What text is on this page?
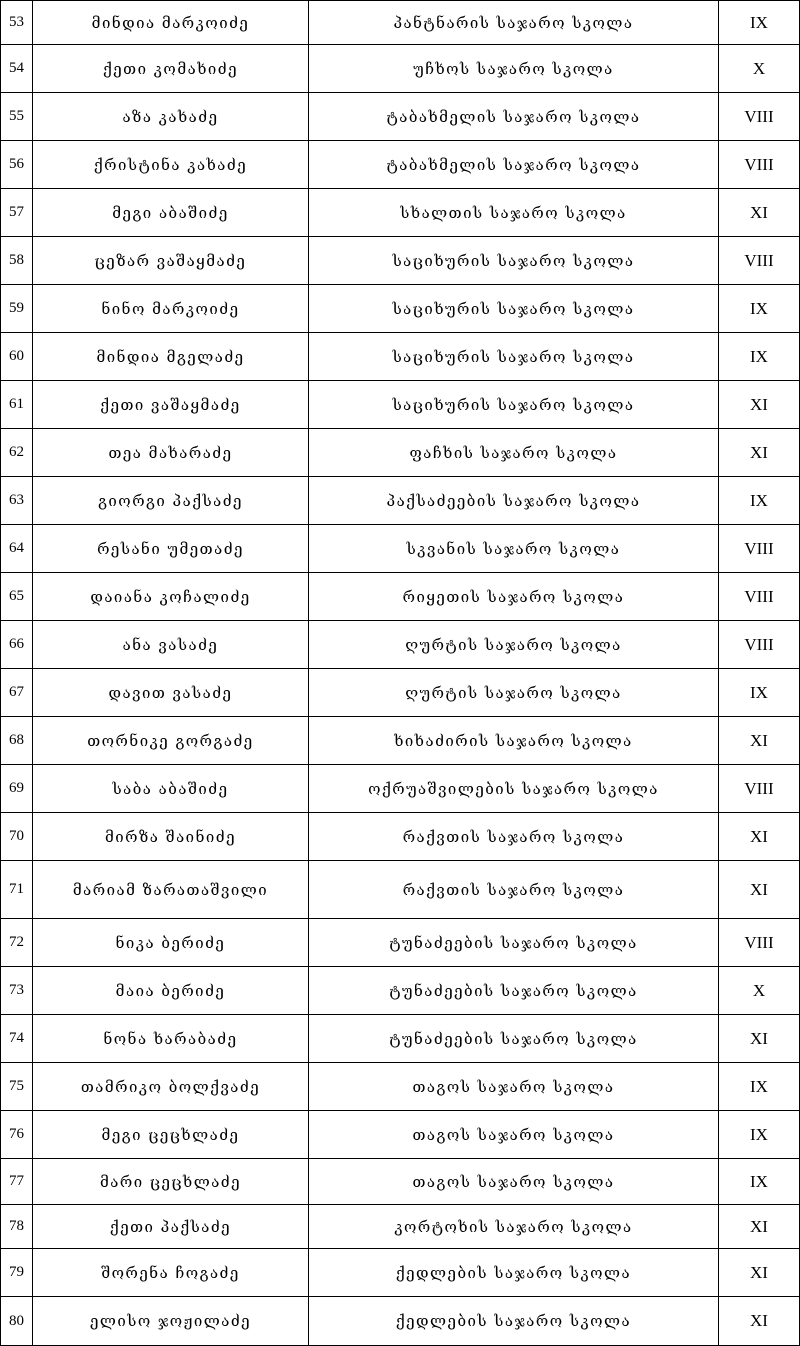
53	მინდია მარკოიძე	პანტნარის საჯარო სკოლა	IX
54	ქეთი კომახიძე	უჩხოს საჯარო სკოლა	X
55	აზა კახაძე	ტაბახმელის საჯარო სკოლა	VIII
56	ქრისტინა კახაძე	ტაბახმელის საჯარო სკოლა	VIII
57	მეგი აბაშიძე	სხალთის საჯარო სკოლა	XI
58	ცეზარ ვაშაყმაძე	საციხურის საჯარო სკოლა	VIII
59	ნინო მარკოიძე	საციხურის საჯარო სკოლა	IX
60	მინდია მგელაძე	საციხურის საჯარო სკოლა	IX
61	ქეთი ვაშაყმაძე	საციხურის საჯარო სკოლა	XI
62	თეა მახარაძე	ფაჩხის საჯარო სკოლა	XI
63	გიორგი პაქსაძე	პაქსაძეების საჯარო სკოლა	IX
64	რესანი უმეთაძე	სკვანის საჯარო სკოლა	VIII
65	დაიანა კოჩალიძე	რიყეთის საჯარო სკოლა	VIII
66	ანა ვასაძე	ღურტის საჯარო სკოლა	VIII
67	დავით ვასაძე	ღურტის საჯარო სკოლა	IX
68	თორნიკე გორგაძე	ხიხაძირის საჯარო სკოლა	XI
69	საბა აბაშიძე	ოქრუაშვილების საჯარო სკოლა	VIII
70	მირზა შაინიძე	რაქვთის საჯარო სკოლა	XI
71	მარიამ ზარათაშვილი	რაქვთის საჯარო სკოლა	XI
72	ნიკა ბერიძე	ტუნაძეების საჯარო სკოლა	VIII
73	მაია ბერიძე	ტუნაძეების საჯარო სკოლა	X
74	ნონა ხარაბაძე	ტუნაძეების საჯარო სკოლა	XI
75	თამრიკო ბოლქვაძე	თაგოს საჯარო სკოლა	IX
76	მეგი ცეცხლაძე	თაგოს საჯარო სკოლა	IX
77	მარი ცეცხლაძე	თაგოს საჯარო სკოლა	IX
78	ქეთი პაქსაძე	კორტოხის საჯარო სკოლა	XI
79	შორენა ჩოგაძე	ქედლების საჯარო სკოლა	XI
80	ელისო ჯოჟილაძე	ქედლების საჯარო სკოლა	XI
